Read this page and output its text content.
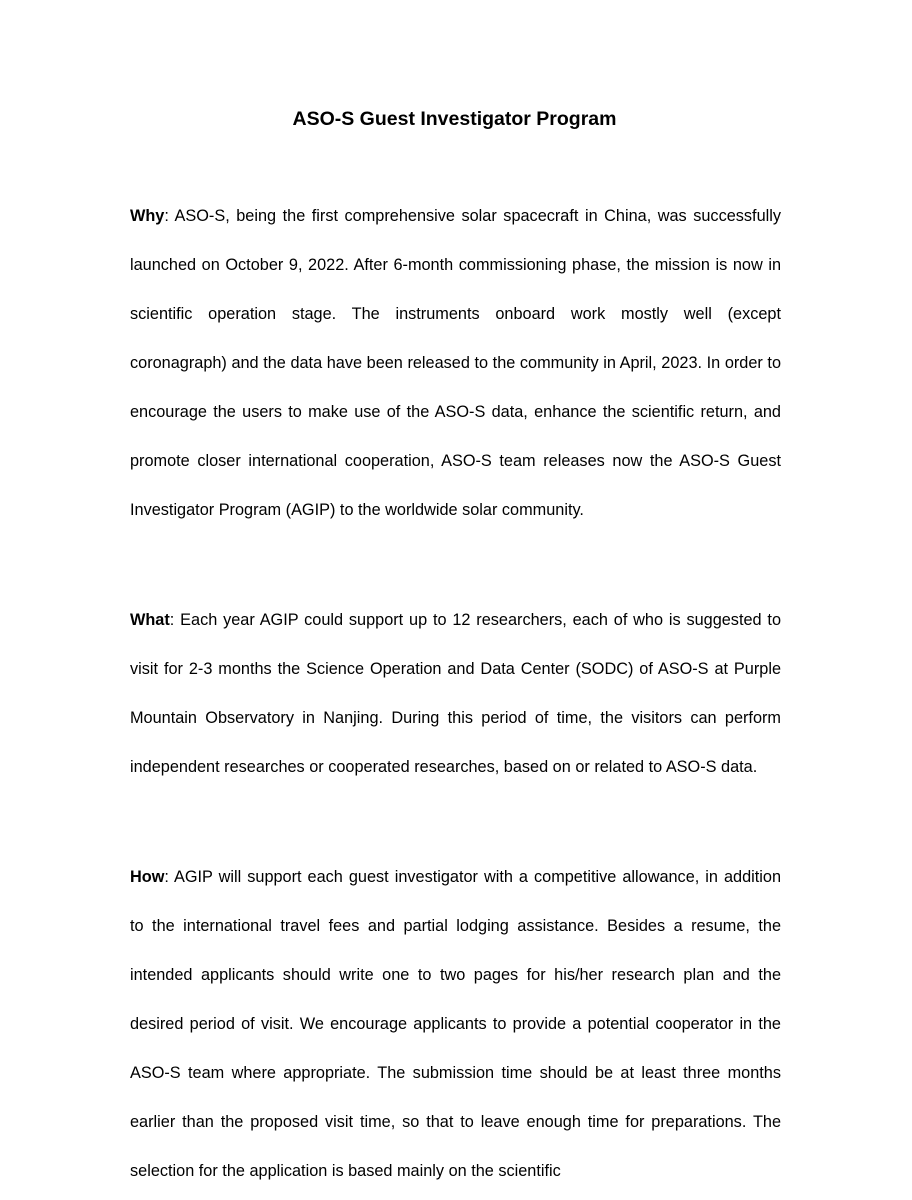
ASO-S Guest Investigator Program

Why: ASO-S, being the first comprehensive solar spacecraft in China, was successfully launched on October 9, 2022. After 6-month commissioning phase, the mission is now in scientific operation stage. The instruments onboard work mostly well (except coronagraph) and the data have been released to the community in April, 2023. In order to encourage the users to make use of the ASO-S data, enhance the scientific return, and promote closer international cooperation, ASO-S team releases now the ASO-S Guest Investigator Program (AGIP) to the worldwide solar community.

What: Each year AGIP could support up to 12 researchers, each of who is suggested to visit for 2-3 months the Science Operation and Data Center (SODC) of ASO-S at Purple Mountain Observatory in Nanjing. During this period of time, the visitors can perform independent researches or cooperated researches, based on or related to ASO-S data.

How: AGIP will support each guest investigator with a competitive allowance, in addition to the international travel fees and partial lodging assistance. Besides a resume, the intended applicants should write one to two pages for his/her research plan and the desired period of visit. We encourage applicants to provide a potential cooperator in the ASO-S team where appropriate. The submission time should be at least three months earlier than the proposed visit time, so that to leave enough time for preparations. The selection for the application is based mainly on the scientific
